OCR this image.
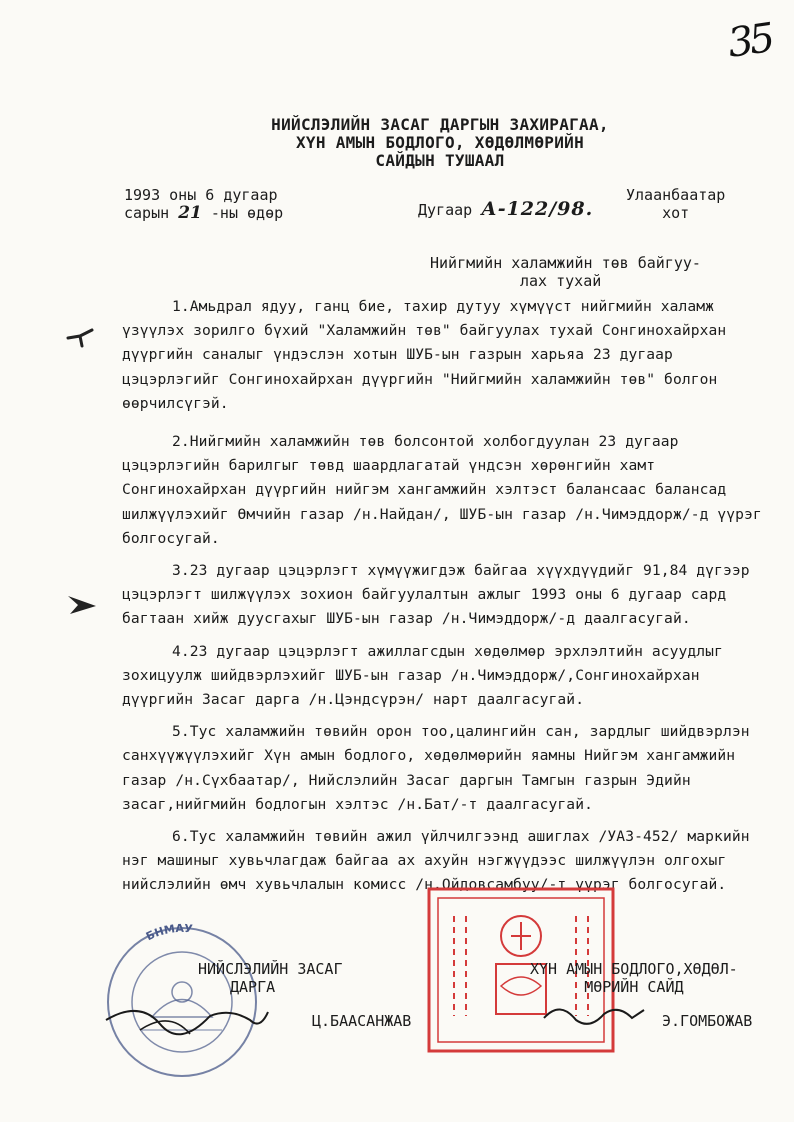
35
НИЙСЛЭЛИЙН ЗАСАГ ДАРГЫН ЗАХИРАГАА,
ХҮН АМЫН БОДЛОГО, ХӨДӨЛМӨРИЙН
САЙДЫН ТУШААЛ
1993 оны 6 дугаар
сарын 21 -ны өдөр	Дугаар А-122/98.
Улаанбаатар
хот
Нийгмийн халамжийн төв байгуу-
лах тухай

1.Амьдрал ядуу, ганц бие, тахир дутуу хүмүүст нийгмийн халамж үзүүлэх зорилго бүхий "Халамжийн төв" байгуулах тухай Сонгинохайрхан дүүргийн саналыг үндэслэн хотын ШУБ-ын газрын харьяа 23 дугаар цэцэрлэгийг Сонгинохайрхан дүүргийн "Нийгмийн халамжийн төв" болгон өөрчилсүгэй.

2.Нийгмийн халамжийн төв болсонтой холбогдуулан 23 дугаар цэцэрлэгийн барилгыг төвд шаардлагатай үндсэн хөрөнгийн хамт Сонгинохайрхан дүүргийн нийгэм хангамжийн хэлтэст балансаас балансад шилжүүлэхийг Өмчийн газар /н.Найдан/, ШУБ-ын газар /н.Чимэддорж/-д үүрэг болгосугай.

3.23 дугаар цэцэрлэгт хүмүүжигдэж байгаа хүүхдүүдийг 91,84 дүгээр цэцэрлэгт шилжүүлэх зохион байгуулалтын ажлыг 1993 оны 6 дугаар сард багтаан хийж дуусгахыг ШУБ-ын газар /н.Чимэддорж/-д даалгасугай.

4.23 дугаар цэцэрлэгт ажиллагсдын хөдөлмөр эрхлэлтийн асуудлыг зохицуулж шийдвэрлэхийг ШУБ-ын газар /н.Чимэддорж/,Сонгинохайрхан дүүргийн Засаг дарга /н.Цэндсүрэн/ нарт даалгасугай.

5.Тус халамжийн төвийн орон тоо,цалингийн сан, зардлыг шийдвэрлэн санхүүжүүлэхийг Хүн амын бодлого, хөдөлмөрийн яамны Нийгэм хангамжийн газар /н.Сүхбаатар/, Нийслэлийн Засаг даргын Тамгын газрын Эдийн засаг,нийгмийн бодлогын хэлтэс /н.Бат/-т даалгасугай.

6.Тус халамжийн төвийн ажил үйлчилгээнд ашиглах /УАЗ-452/ маркийн нэг машиныг хувьчлагдаж байгаа ах ахуйн нэгжүүдээс шилжүүлэн олгохыг нийслэлийн өмч хувьчлалын комисс /н.Ойдовсамбуу/-т үүрэг болгосугай.

БНМАУ
НИЙСЛЭЛИЙН ЗАСАГ
ДАРГА
Ц.БААСАНЖАВ
ХҮН АМЫН БОДЛОГО,ХӨДӨЛ-
МӨРИЙН САЙД
Э.ГОМБОЖАВ
